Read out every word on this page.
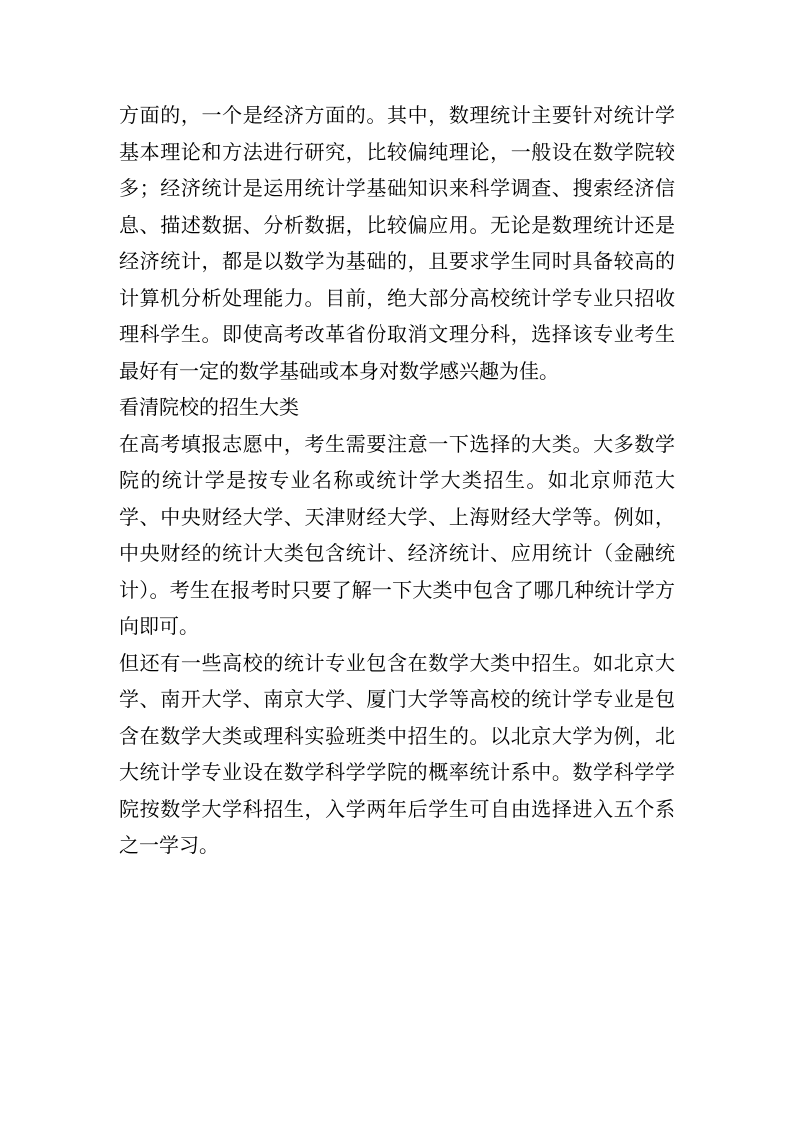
方面的，一个是经济方面的。其中，数理统计主要针对统计学基本理论和方法进行研究，比较偏纯理论，一般设在数学院较多；经济统计是运用统计学基础知识来科学调查、搜索经济信息、描述数据、分析数据，比较偏应用。无论是数理统计还是经济统计，都是以数学为基础的，且要求学生同时具备较高的计算机分析处理能力。目前，绝大部分高校统计学专业只招收理科学生。即使高考改革省份取消文理分科，选择该专业考生最好有一定的数学基础或本身对数学感兴趣为佳。

看清院校的招生大类

在高考填报志愿中，考生需要注意一下选择的大类。大多数学院的统计学是按专业名称或统计学大类招生。如北京师范大学、中央财经大学、天津财经大学、上海财经大学等。例如，中央财经的统计大类包含统计、经济统计、应用统计（金融统计）。考生在报考时只要了解一下大类中包含了哪几种统计学方向即可。

但还有一些高校的统计专业包含在数学大类中招生。如北京大学、南开大学、南京大学、厦门大学等高校的统计学专业是包含在数学大类或理科实验班类中招生的。以北京大学为例，北大统计学专业设在数学科学学院的概率统计系中。数学科学学院按数学大学科招生，入学两年后学生可自由选择进入五个系之一学习。
